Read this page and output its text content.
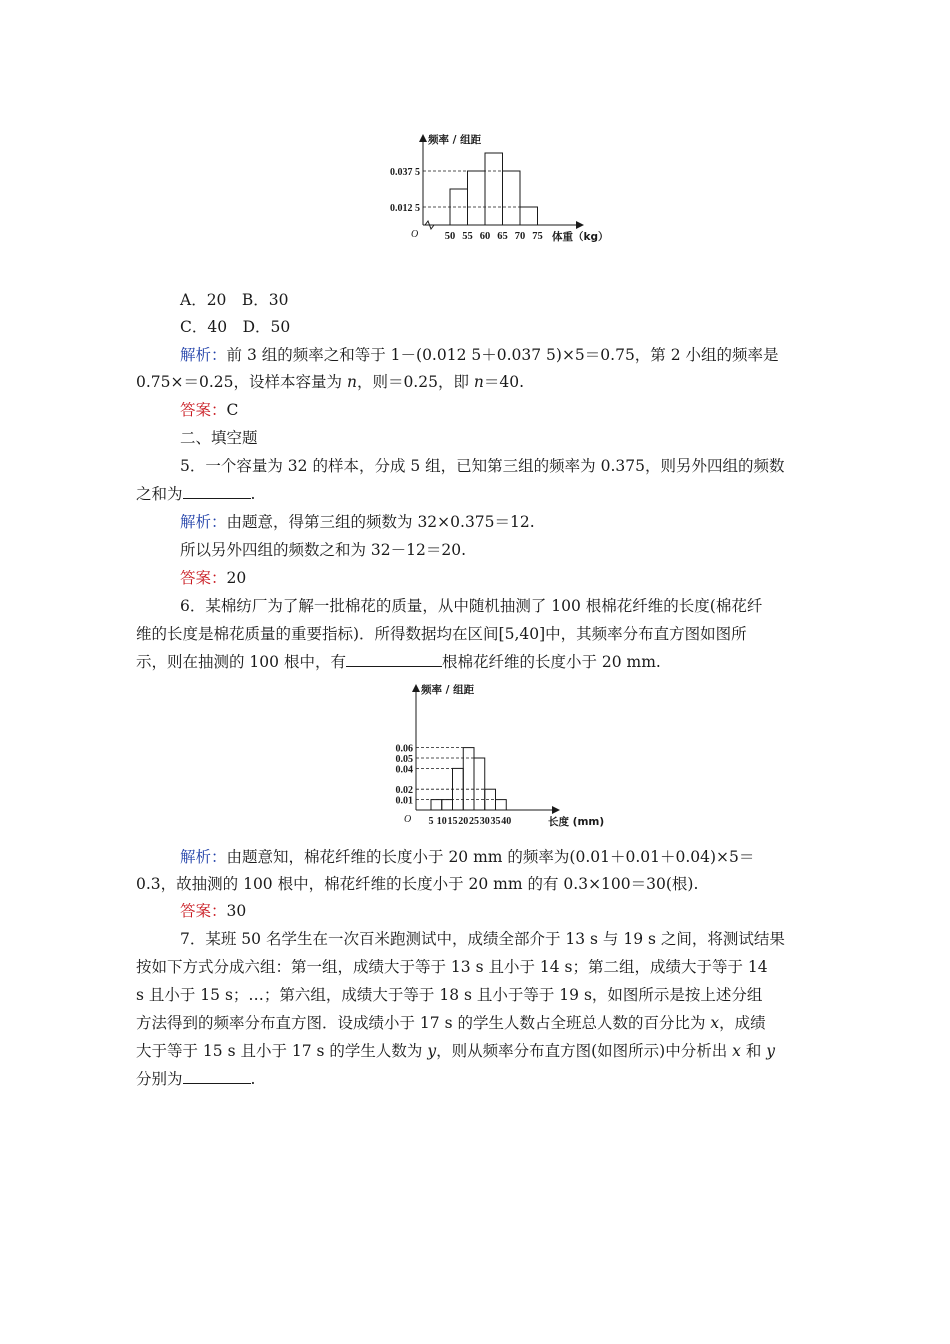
0.037 5
0.012 5
50 55 60 65 70 75
O
频率 / 组距
体重（kg）
A．20　B．30
C．40　D．50
解析：前 3 组的频率之和等于 1－(0.012 5＋0.037 5)×5＝0.75，第 2 小组的频率是
0.75×＝0.25，设样本容量为 n，则＝0.25，即 n＝40.
答案：C
二、填空题
5．一个容量为 32 的样本，分成 5 组，已知第三组的频率为 0.375，则另外四组的频数
之和为	.
解析：由题意，得第三组的频数为 32×0.375＝12.
所以另外四组的频数之和为 32－12＝20.
答案：20
6．某棉纺厂为了解一批棉花的质量，从中随机抽测了 100 根棉花纤维的长度(棉花纤
维的长度是棉花质量的重要指标)．所得数据均在区间[5,40]中，其频率分布直方图如图所
示，则在抽测的 100 根中，有	根棉花纤维的长度小于 20 mm.
0.06
0.05
0.04
0.02
0.01
5 10 15 20 25 30 35 40
O
频率 / 组距
长度 (mm)
解析：由题意知，棉花纤维的长度小于 20 mm 的频率为(0.01＋0.01＋0.04)×5＝
0.3，故抽测的 100 根中，棉花纤维的长度小于 20 mm 的有 0.3×100＝30(根).
答案：30
7．某班 50 名学生在一次百米跑测试中，成绩全部介于 13 s 与 19 s 之间，将测试结果
按如下方式分成六组：第一组，成绩大于等于 13 s 且小于 14 s；第二组，成绩大于等于 14
s 且小于 15 s；…；第六组，成绩大于等于 18 s 且小于等于 19 s，如图所示是按上述分组
方法得到的频率分布直方图．设成绩小于 17 s 的学生人数占全班总人数的百分比为 x，成绩
大于等于 15 s 且小于 17 s 的学生人数为 y，则从频率分布直方图(如图所示)中分析出 x 和 y
分别为	.
